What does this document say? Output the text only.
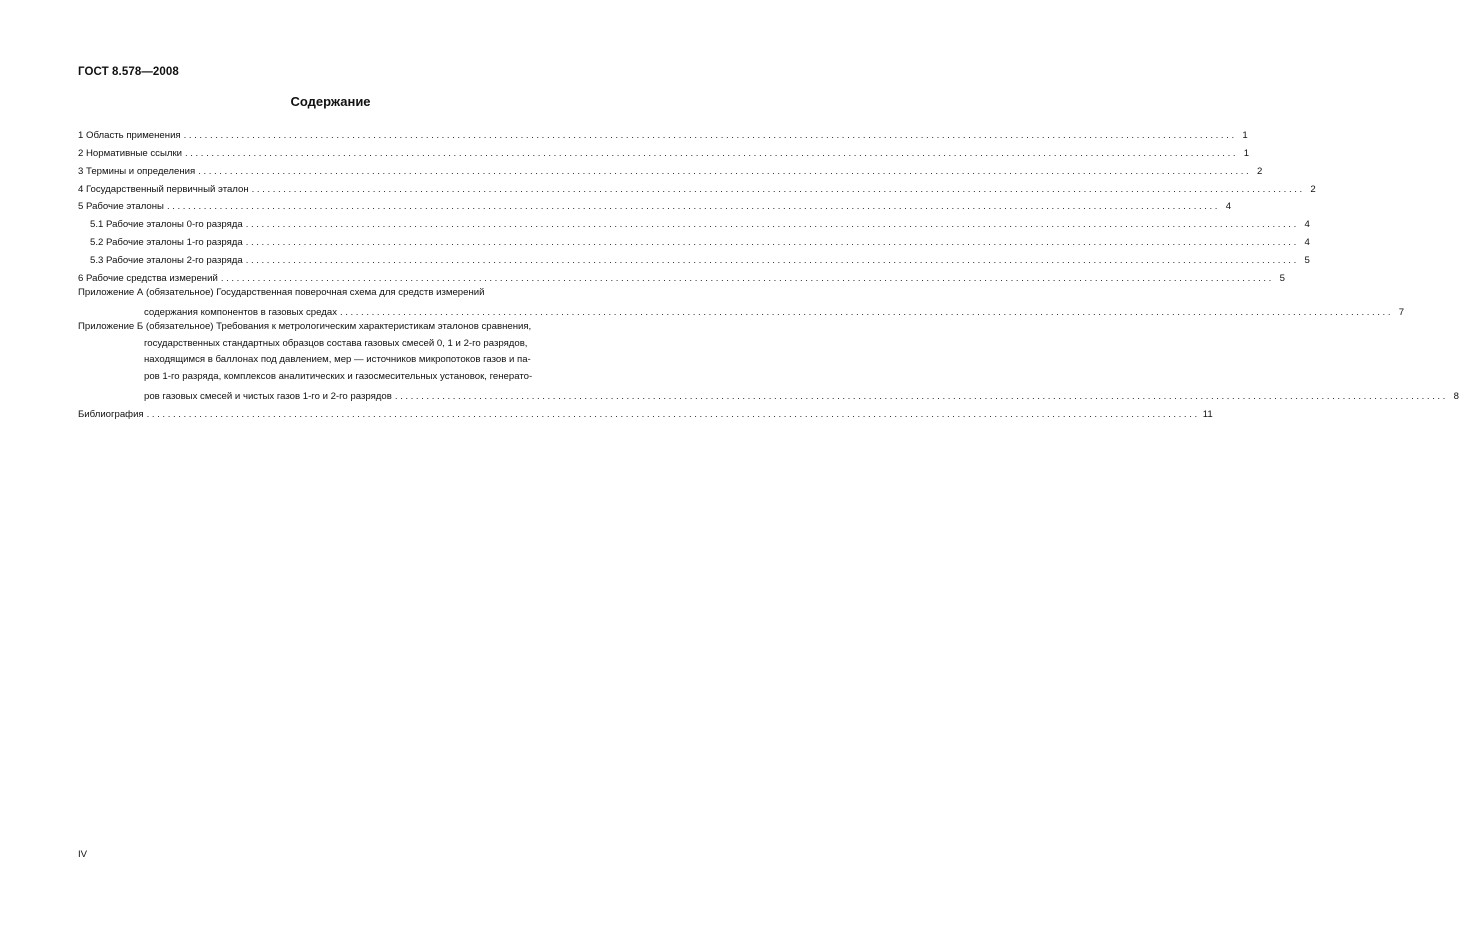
ГОСТ 8.578—2008
Содержание
1 Область применения ........................................................................................................................................................................................................ 1
2 Нормативные ссылки ........................................................................................................................................................................................................ 1
3 Термины и определения ........................................................................................................................................................................................................ 2
4 Государственный первичный эталон ........................................................................................................................................................................................................ 2
5 Рабочие эталоны ........................................................................................................................................................................................................ 4
5.1 Рабочие эталоны 0-го разряда ........................................................................................................................................................................................................ 4
5.2 Рабочие эталоны 1-го разряда ........................................................................................................................................................................................................ 4
5.3 Рабочие эталоны 2-го разряда ........................................................................................................................................................................................................ 5
6 Рабочие средства измерений ........................................................................................................................................................................................................ 5
Приложение А (обязательное) Государственная поверочная схема для средств измерений
содержания компонентов в газовых средах ........................................................................................................................................................................................................ 7
Приложение Б (обязательное) Требования к метрологическим характеристикам эталонов сравнения,
государственных стандартных образцов состава газовых смесей 0, 1 и 2-го разрядов,
находящимся в баллонах под давлением, мер — источников микропотоков газов и па-
ров 1-го разряда, комплексов аналитических и газосмесительных установок, генерато-
ров газовых смесей и чистых газов 1-го и 2-го разрядов ........................................................................................................................................................................................................ 8
Библиография ........................................................................................................................................................................................................ 11
IV
